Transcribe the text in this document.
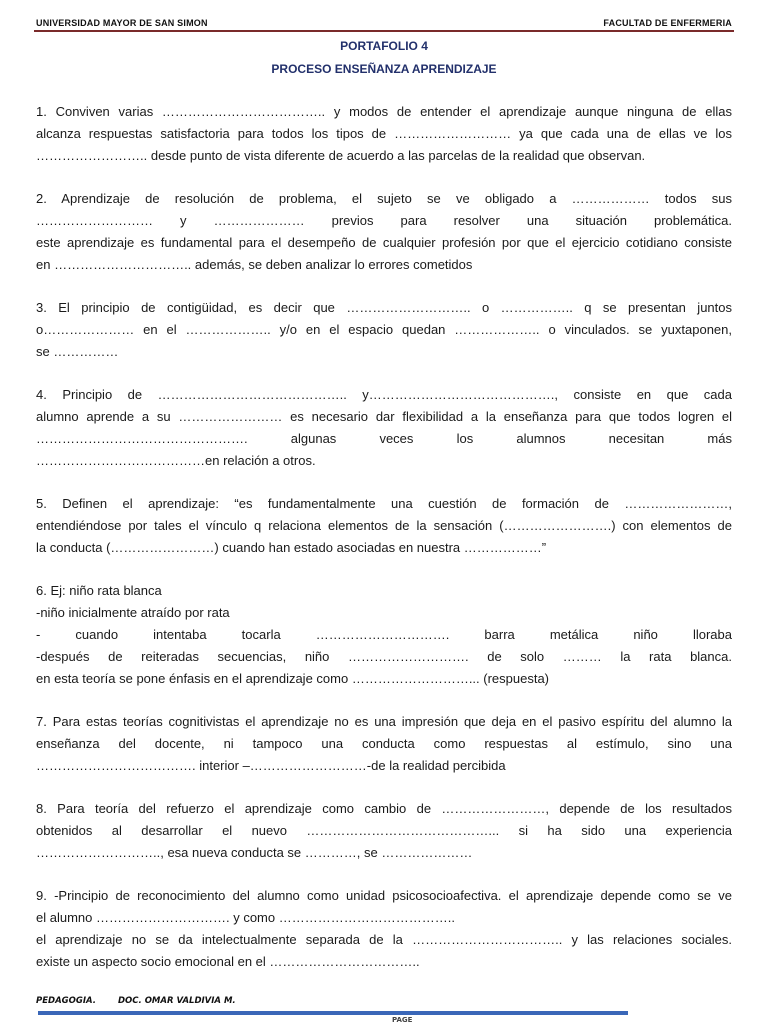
UNIVERSIDAD MAYOR DE SAN SIMON	FACULTAD DE ENFERMERIA
PORTAFOLIO 4
PROCESO ENSEÑANZA APRENDIZAJE

1. Conviven varias ……………………………….. y modos de entender el aprendizaje aunque ninguna de ellas

alcanza respuestas satisfactoria para todos los tipos de ……………………… ya que cada una de ellas ve los

…………………….. desde punto de vista diferente de acuerdo a las parcelas de la realidad que observan.

2. Aprendizaje de resolución de problema, el sujeto se ve obligado a ……………… todos sus

……………………… y ………………… previos para resolver una situación problemática.

este aprendizaje es fundamental para el desempeño de cualquier profesión por que el ejercicio cotidiano consiste

en ………………………….. además, se deben analizar lo errores cometidos

3. El principio de contigüidad, es decir que ……………………….. o …………….. q se presentan juntos

o………………… en el ……………….. y/o en el espacio quedan ……………….. o vinculados. se yuxtaponen,

se ……………

4. Principio de …………………………………….. y……………………………………., consiste en que cada

alumno aprende a su …………………… es necesario dar flexibilidad a la enseñanza para que todos logren el

…………………………………………. algunas veces los alumnos necesitan más

…………………………………en relación a otros.

5. Definen el aprendizaje: “es fundamentalmente una cuestión de formación de ……………………,

entendiéndose por tales el vínculo q relaciona elementos de la sensación (…………………….) con elementos de

la conducta (……………………) cuando han estado asociadas en nuestra ………………”

6. Ej: niño rata blanca

-niño inicialmente atraído por rata

- cuando intentaba tocarla …………………………. barra metálica niño lloraba

-después de reiteradas secuencias, niño ………………………. de solo ……… la rata blanca.

en esta teoría se pone énfasis en el aprendizaje como ………………………... (respuesta)

7. Para estas teorías cognitivistas el aprendizaje no es una impresión que deja en el pasivo espíritu del alumno la

enseñanza del docente, ni tampoco una conducta como respuestas al estímulo, sino una

………………………………. interior –………………………-de la realidad percibida

8. Para teoría del refuerzo el aprendizaje como cambio de ……………………, depende de los resultados

obtenidos al desarrollar el nuevo ……………………………………... si ha sido una experiencia

……………………….., esa nueva conducta se …………, se …………………

9. -Principio de reconocimiento del alumno como unidad psicosocioafectiva. el aprendizaje depende como se ve

el alumno …………………………. y como …………………………………..

el aprendizaje no se da intelectualmente separada de la …………………………….. y las relaciones sociales.

existe un aspecto socio emocional en el ……………………………..

PEDAGOGIA.	DOC. OMAR VALDIVIA M.
PAGE
